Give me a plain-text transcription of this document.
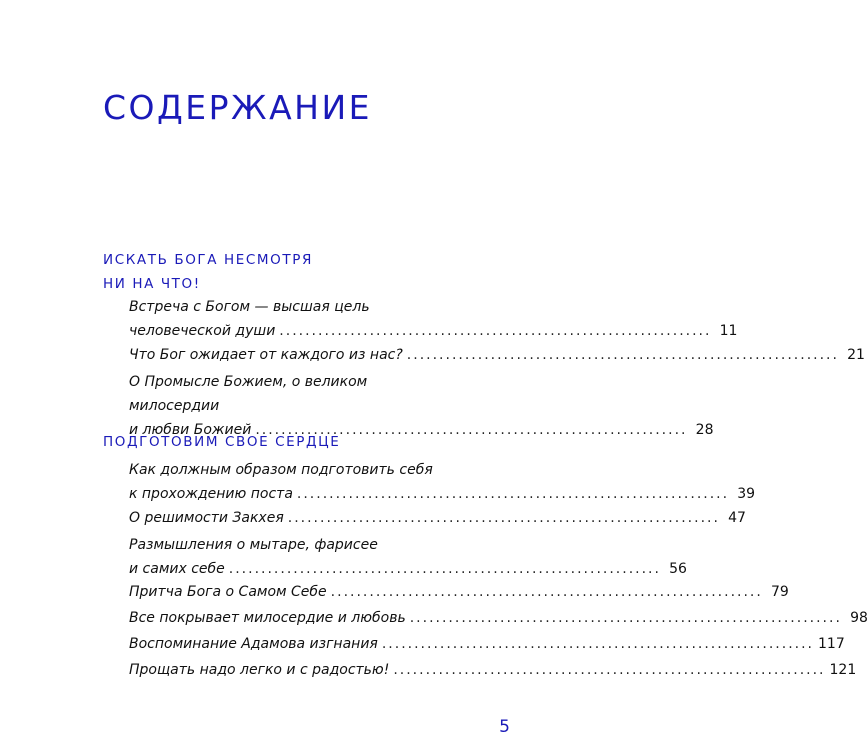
СОДЕРЖАНИЕ
ИСКАТЬ БОГА НЕСМОТРЯ
НИ НА ЧТО!
Встреча с Богом — высшая цель
человеческой души ................................................................... 11
Что Бог ожидает от каждого из нас? ................................................................... 21
О Промысле Божием, о великом милосердии
и любви Божией ................................................................... 28
ПОДГОТОВИМ СВОЕ СЕРДЦЕ
Как должным образом подготовить себя
к прохождению поста ................................................................... 39
О решимости Закхея ................................................................... 47
Размышления о мытаре, фарисее
и самих себе ................................................................... 56
Притча Бога о Самом Себе ................................................................... 79
Все покрывает милосердие и любовь ................................................................... 98
Воспоминание Адамова изгнания ................................................................... 117
Прощать надо легко и с радостью! ................................................................... 121
5
